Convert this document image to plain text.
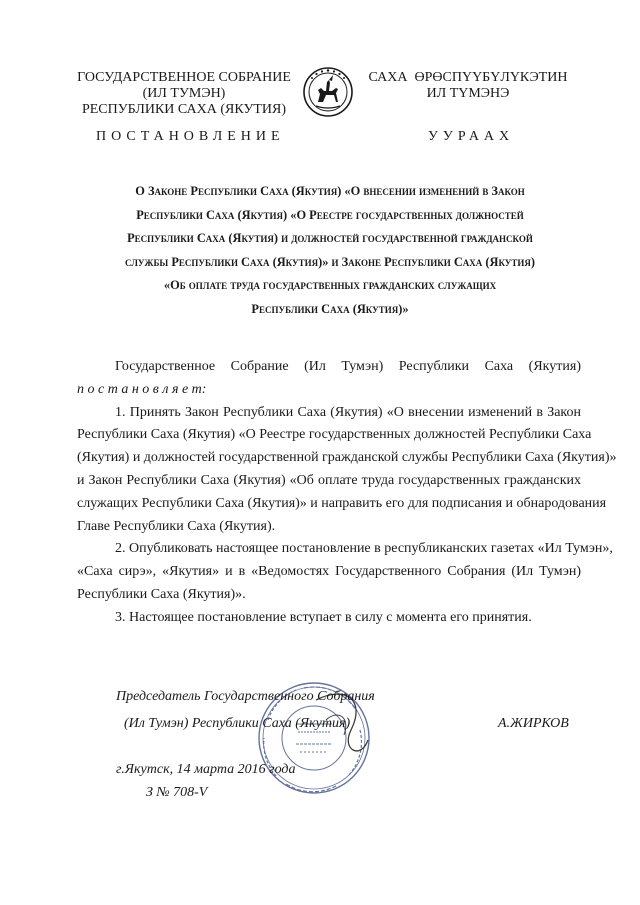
ГОСУДАРСТВЕННОЕ СОБРАНИЕ
(ИЛ ТУМЭН)
РЕСПУБЛИКИ САХА (ЯКУТИЯ)
САХА  ӨРӨСПҮҮБҮЛҮКЭТИН
ИЛ ТҮМЭНЭ
ПОСТАНОВЛЕНИЕ	УУРААХ
О Законе Республики Саха (Якутия) «О внесении изменений в Закон
Республики Саха (Якутия) «О Реестре государственных должностей
Республики Саха (Якутия) и должностей государственной гражданской
службы Республики Саха (Якутия)» и Законе Республики Саха (Якутия)
«Об оплате труда государственных гражданских служащих
Республики Саха (Якутия)»
Государственное Собрание (Ил Тумэн) Республики Саха (Якутия)
п о с т а н о в л я е т:
1. Принять Закон Республики Саха (Якутия) «О внесении изменений в Закон
Республики Саха (Якутия) «О Реестре государственных должностей Республики Саха
(Якутия) и должностей государственной гражданской службы Республики Саха (Якутия)»
и Закон Республики Саха (Якутия) «Об оплате труда государственных гражданских
служащих Республики Саха (Якутия)» и направить его для подписания и обнародования
Главе Республики Саха (Якутия).
2. Опубликовать настоящее постановление в республиканских газетах «Ил Тумэн»,
«Саха сирэ», «Якутия» и в «Ведомостях Государственного Собрания (Ил Тумэн)
Республики Саха (Якутия)».
3. Настоящее постановление вступает в силу с момента его принятия.
Председатель Государственного Собрания
(Ил Тумэн) Республики Саха (Якутия)	А.ЖИРКОВ
г.Якутск, 14 марта 2016 года
З № 708-V
